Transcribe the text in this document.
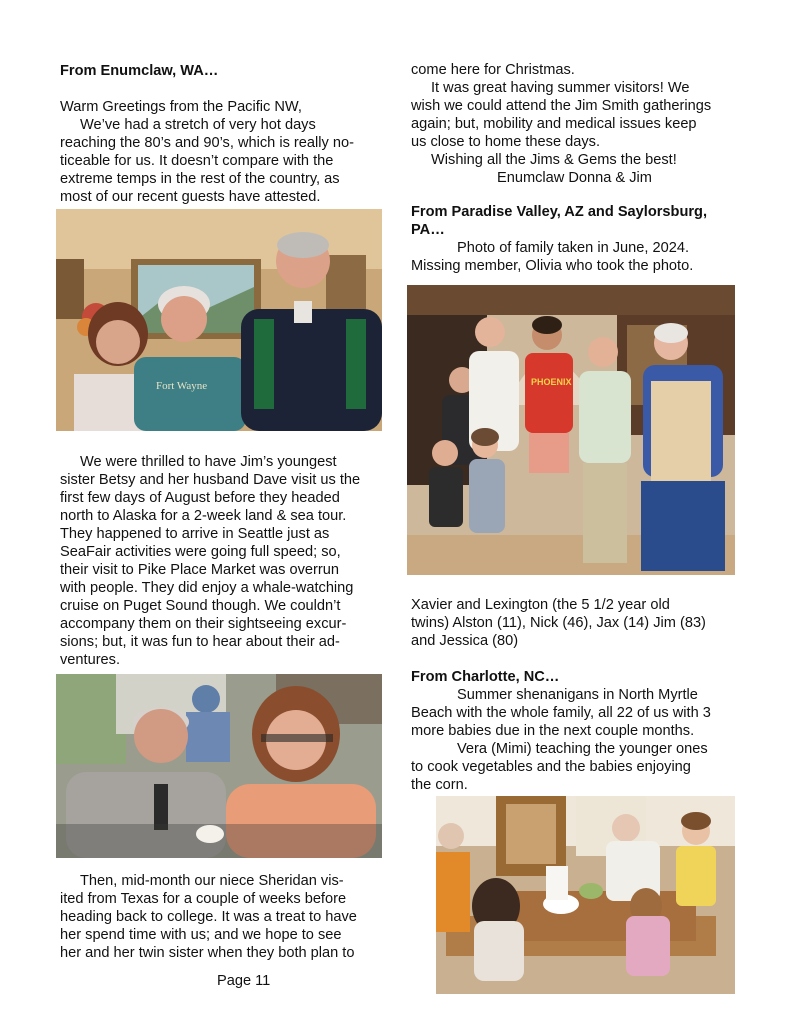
From Enumclaw, WA…

Warm Greetings from the Pacific NW,

We’ve had a stretch of very hot days

reaching the 80’s and 90’s, which is really no-

ticeable for us. It doesn’t compare with the

extreme temps in the rest of the country, as

most of our recent guests have attested.

Fort Wayne

We were thrilled to have Jim’s youngest

sister Betsy and her husband Dave visit us the

first few days of August before they headed

north to Alaska for a 2-week land & sea tour.

They happened to arrive in Seattle just as

SeaFair activities were going full speed; so,

their visit to Pike Place Market was overrun

with people. They did enjoy a whale-watching

cruise on Puget Sound though. We couldn’t

accompany them on their sightseeing excur-

sions; but, it was fun to hear about their ad-

ventures.

Then, mid-month our niece Sheridan vis-

ited from Texas for a couple of weeks before

heading back to college. It was a treat to have

her spend time with us; and we hope to see

her and her twin sister when they both plan to

Page 11

come here for Christmas.

It was great having summer visitors! We

wish we could attend the Jim Smith gatherings

again; but, mobility and medical issues keep

us close to home these days.

Wishing all the Jims & Gems the best!

Enumclaw Donna & Jim

From Paradise Valley, AZ and Saylorsburg,

PA…

Photo of family taken in June, 2024.

Missing member, Olivia who took the photo.

PHOENIX

Xavier and Lexington (the 5 1/2 year old

twins) Alston (11), Nick (46), Jax (14) Jim (83)

and Jessica (80)

From Charlotte, NC…

Summer shenanigans in North Myrtle

Beach with the whole family, all 22 of us with 3

more babies due in the next couple months.

Vera (Mimi) teaching the younger ones

to cook vegetables and the babies enjoying

the corn.
